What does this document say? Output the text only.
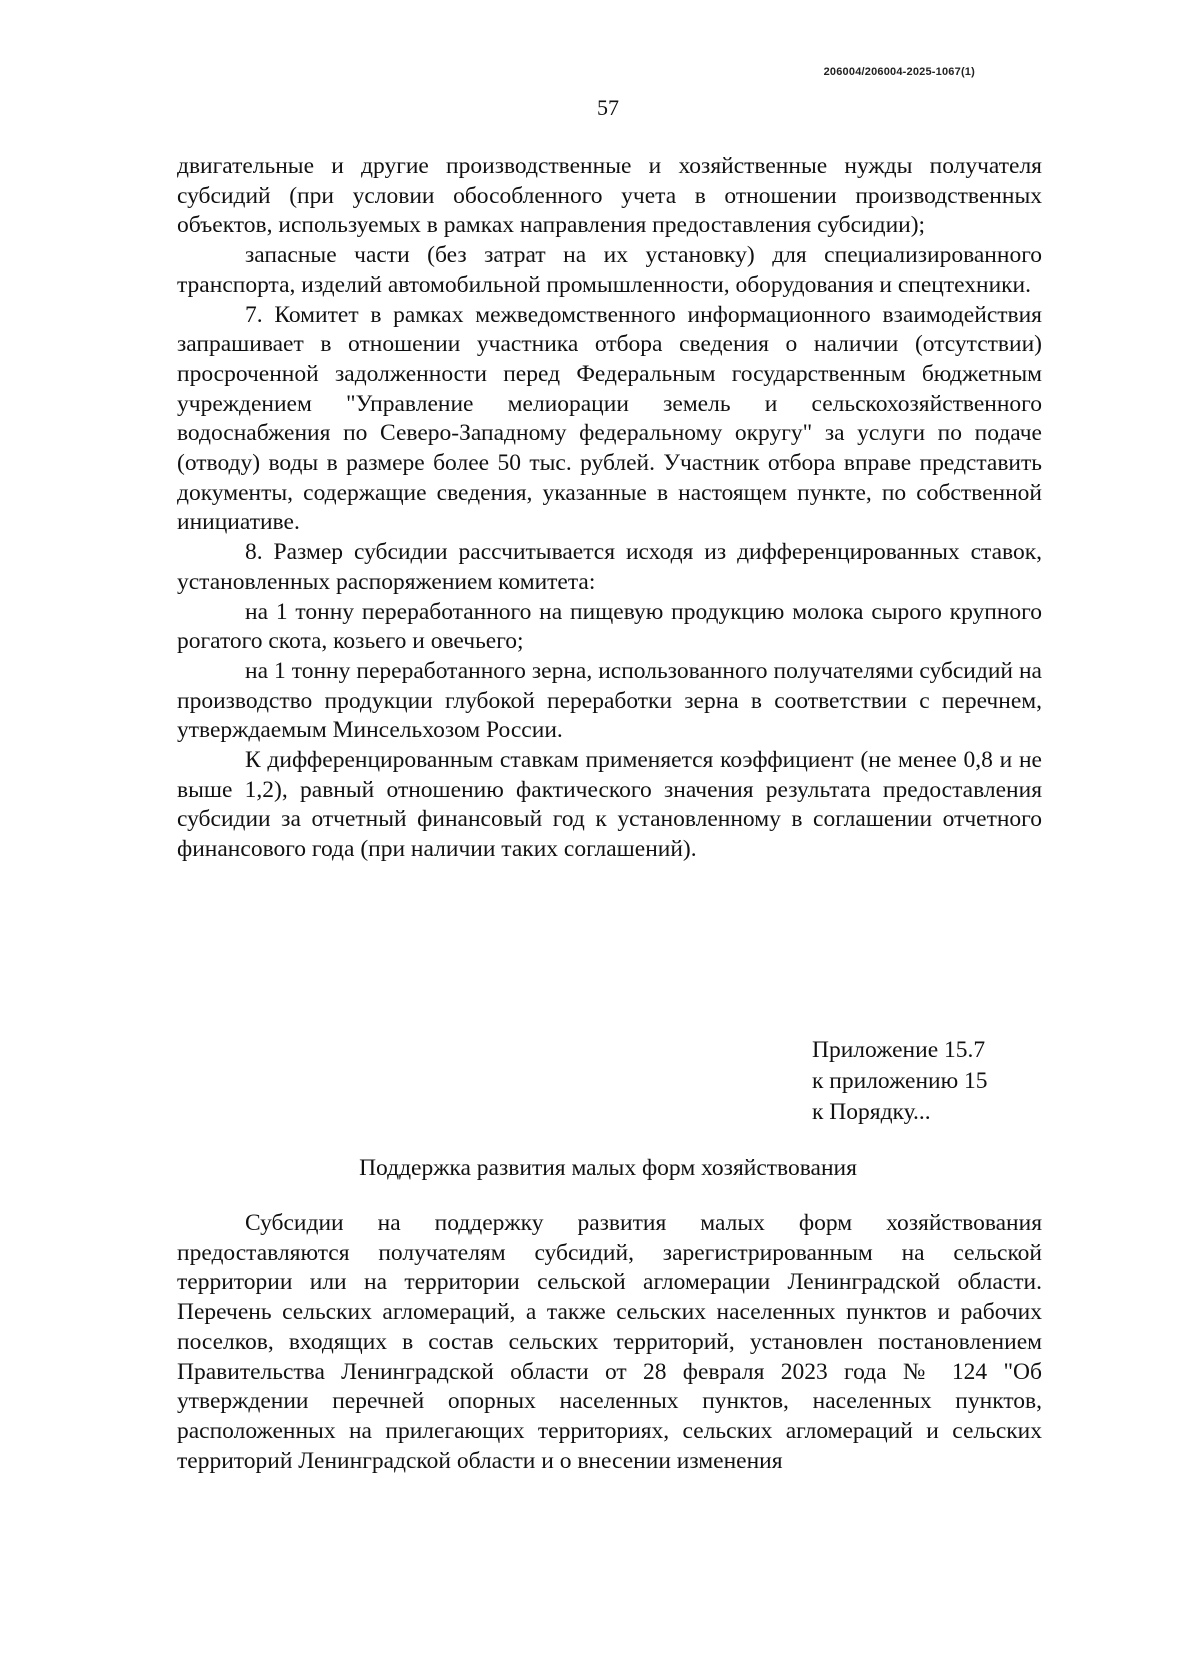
206004/206004-2025-1067(1)
57

двигательные и другие производственные и хозяйственные нужды получателя субсидий (при условии обособленного учета в отношении производственных объектов, используемых в рамках направления предоставления субсидии);

запасные части (без затрат на их установку) для специализированного транспорта, изделий автомобильной промышленности, оборудования и спецтехники.

7. Комитет в рамках межведомственного информационного взаимодействия запрашивает в отношении участника отбора сведения о наличии (отсутствии) просроченной задолженности перед Федеральным государственным бюджетным учреждением "Управление мелиорации земель и сельскохозяйственного водоснабжения по Северо-Западному федеральному округу" за услуги по подаче (отводу) воды в размере более 50 тыс. рублей. Участник отбора вправе представить документы, содержащие сведения, указанные в настоящем пункте, по собственной инициативе.

8. Размер субсидии рассчитывается исходя из дифференцированных ставок, установленных распоряжением комитета:

на 1 тонну переработанного на пищевую продукцию молока сырого крупного рогатого скота, козьего и овечьего;

на 1 тонну переработанного зерна, использованного получателями субсидий на производство продукции глубокой переработки зерна в соответствии с перечнем, утверждаемым Минсельхозом России.

К дифференцированным ставкам применяется коэффициент (не менее 0,8 и не выше 1,2), равный отношению фактического значения результата предоставления субсидии за отчетный финансовый год к установленному в соглашении отчетного финансового года (при наличии таких соглашений).

Приложение 15.7
к приложению 15
к Порядку...
Поддержка развития малых форм хозяйствования

Субсидии на поддержку развития малых форм хозяйствования предоставляются получателям субсидий, зарегистрированным на сельской территории или на территории сельской агломерации Ленинградской области. Перечень сельских агломераций, а также сельских населенных пунктов и рабочих поселков, входящих в состав сельских территорий, установлен постановлением Правительства Ленинградской области от 28 февраля 2023 года № 124 "Об утверждении перечней опорных населенных пунктов, населенных пунктов, расположенных на прилегающих территориях, сельских агломераций и сельских территорий Ленинградской области и о внесении изменения
